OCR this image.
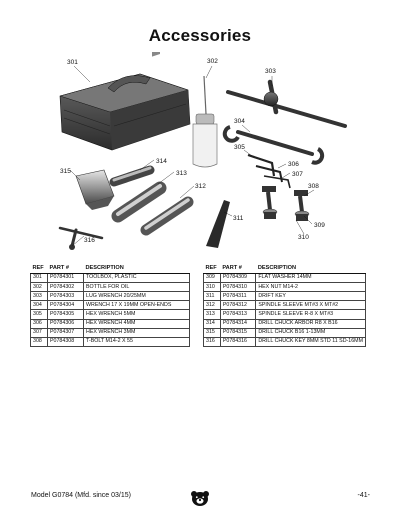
Accessories
301	302
303
304
305
306
307
308
309
310
311
312
313
314
315
316
REF	PART #	DESCRIPTION
301	P0784301	TOOLBOX, PLASTIC
302	P0784302	BOTTLE FOR OIL
303	P0784303	LUG WRENCH 20/25MM
304	P0784304	WRENCH 17 X 19MM OPEN-ENDS
305	P0784305	HEX WRENCH 5MM
306	P0784306	HEX WRENCH 4MM
307	P0784307	HEX WRENCH 3MM
308	P0784308	T-BOLT M14-2 X 55
REF	PART #	DESCRIPTION
309	P0784309	FLAT WASHER 14MM
310	P0784310	HEX NUT M14-2
311	P0784311	DRIFT KEY
312	P0784312	SPINDLE SLEEVE MT#3 X MT#2
313	P0784313	SPINDLE SLEEVE R-8 X MT#3
314	P0784314	DRILL CHUCK ARBOR R8 X B16
315	P0784315	DRILL CHUCK B16 1-13MM
316	P0784316	DRILL CHUCK KEY 8MM STD 11 SD-16MM
Model G0784 (Mfd. since 03/15)	-41-
